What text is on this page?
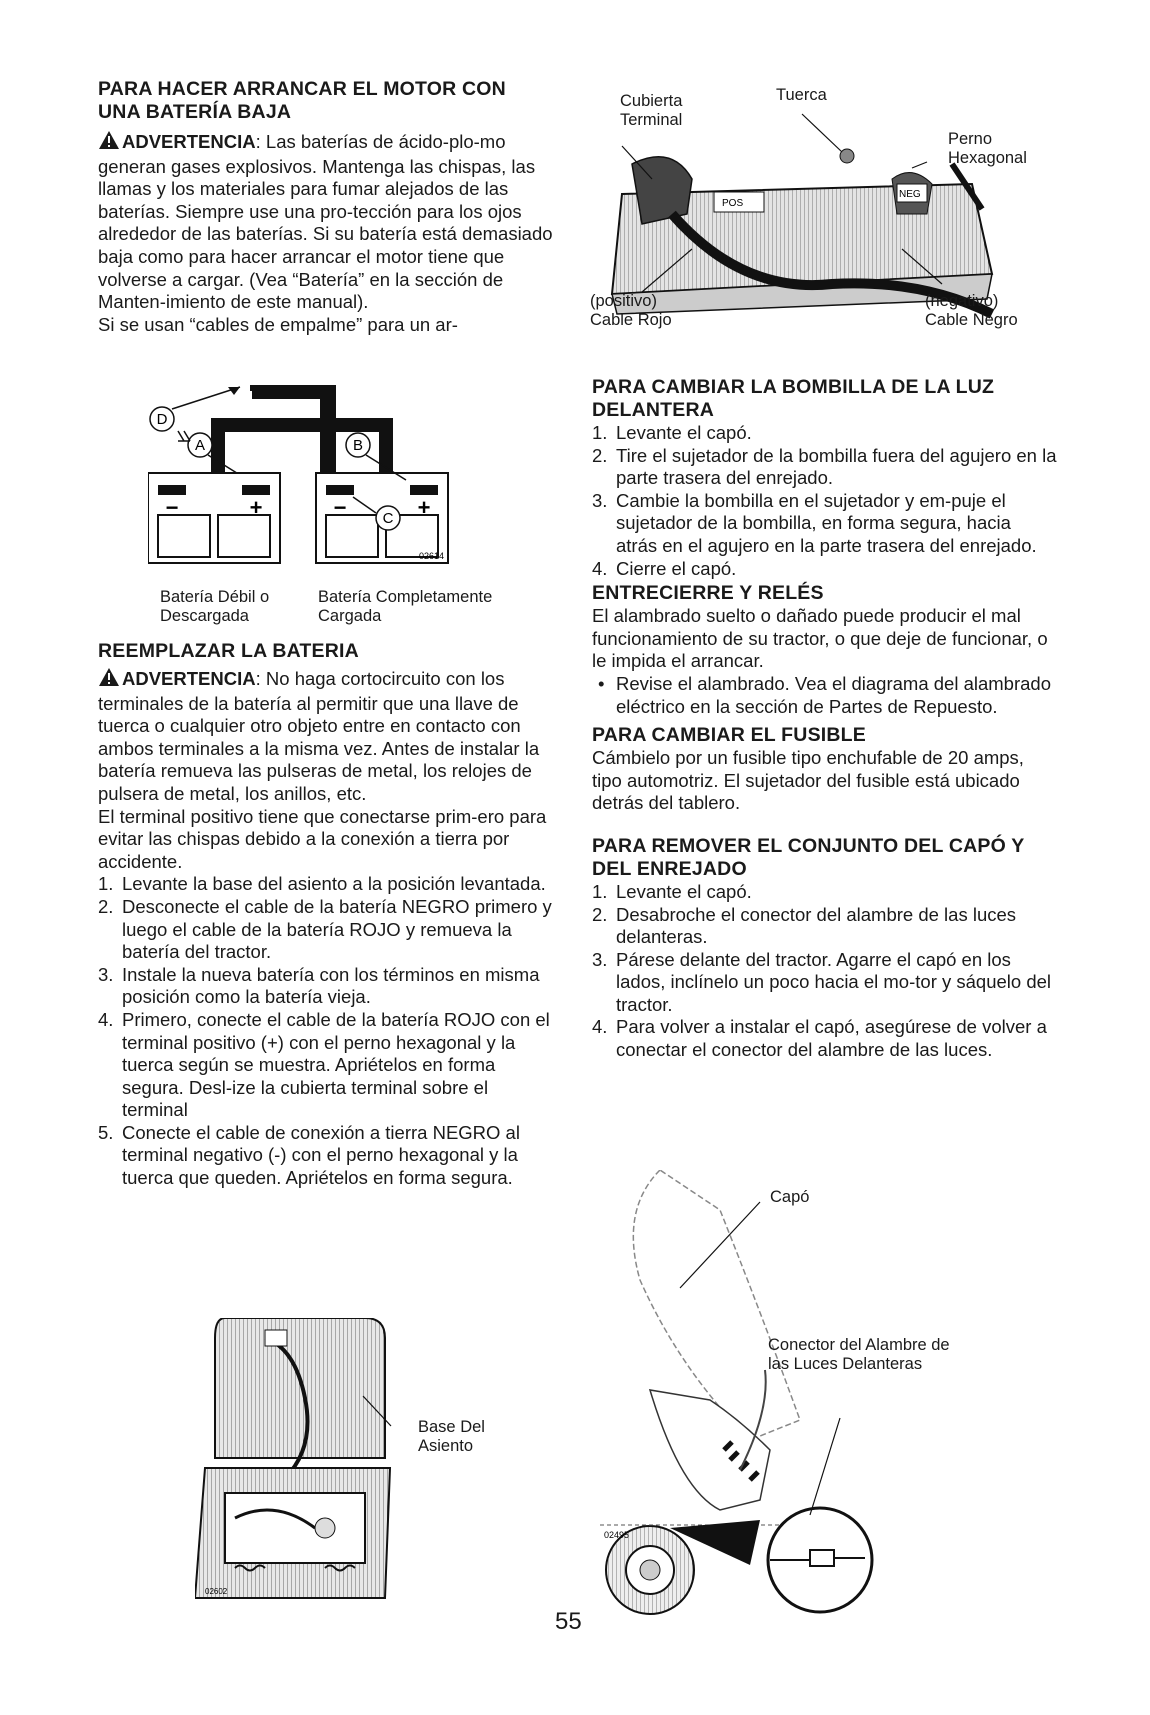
PARA HACER ARRANCAR EL MOTOR CON UNA BATERÍA BAJA

ADVERTENCIA: Las baterías de ácido-plo-mo generan gases explosivos. Mantenga las chispas, las llamas y los materiales para fumar alejados de las baterías. Siempre use una pro-tección para los ojos alrededor de las baterías. Si su batería está demasiado baja como para hacer arrancar el motor tiene que volverse a cargar. (Vea “Batería” en la sección de Manten-imiento de este manual).

Si se usan “cables de empalme” para un ar-

D
A	B
C
−	+	−	+
02614
Batería Débil o Descargada
Batería Completamente Cargada
REEMPLAZAR LA BATERIA

ADVERTENCIA: No haga cortocircuito con los terminales de la batería al permitir que una llave de tuerca o cualquier otro objeto entre en contacto con ambos terminales a la misma vez. Antes de instalar la batería remueva las pulseras de metal, los relojes de pulsera de metal, los anillos, etc.

El terminal positivo tiene que conectarse prim-ero para evitar las chispas debido a la conexión a tierra por accidente.

1. Levante la base del asiento a la posición levantada.
2. Desconecte el cable de la batería NEGRO primero y luego el cable de la batería ROJO y remueva la batería del tractor.
3. Instale la nueva batería con los términos en misma posición como la batería vieja.
4. Primero, conecte el cable de la batería ROJO con el terminal positivo (+) con el perno hexagonal y la tuerca según se muestra. Apriételos en forma segura. Desl-ize la cubierta terminal sobre el terminal
5. Conecte el cable de conexión a tierra NEGRO al terminal negativo (-) con el perno hexagonal y la tuerca que queden. Apriételos en forma segura.
02602
Base Del Asiento
POS
NEG
Cubierta Terminal
Tuerca
Perno Hexagonal
(positivo) Cable Rojo
(negativo) Cable Negro
PARA CAMBIAR LA BOMBILLA DE LA LUZ DELANTERA
1. Levante el capó.
2. Tire el sujetador de la bombilla fuera del agujero en la parte trasera del enrejado.
3. Cambie la bombilla en el sujetador y em-puje el sujetador de la bombilla, en forma segura, hacia atrás en el agujero en la parte trasera del enrejado.
4. Cierre el capó.
ENTRECIERRE Y RELÉS

El alambrado suelto o dañado puede producir el mal funcionamiento de su tractor, o que deje de funcionar, o le impida el arrancar.

• Revise el alambrado. Vea el diagrama del alambrado eléctrico en la sección de Partes de Repuesto.
PARA CAMBIAR EL FUSIBLE

Cámbielo por un fusible tipo enchufable de 20 amps, tipo automotriz. El sujetador del fusible está ubicado detrás del tablero.

PARA REMOVER EL CONJUNTO DEL CAPÓ Y DEL ENREJADO
1. Levante el capó.
2. Desabroche el conector del alambre de las luces delanteras.
3. Párese delante del tractor. Agarre el capó en los lados, inclínelo un poco hacia el mo-tor y sáquelo del tractor.
4. Para volver a instalar el capó, asegúrese de volver a conectar el conector del alambre de las luces.
02495
Capó
Conector del Alambre de las Luces Delanteras
55
